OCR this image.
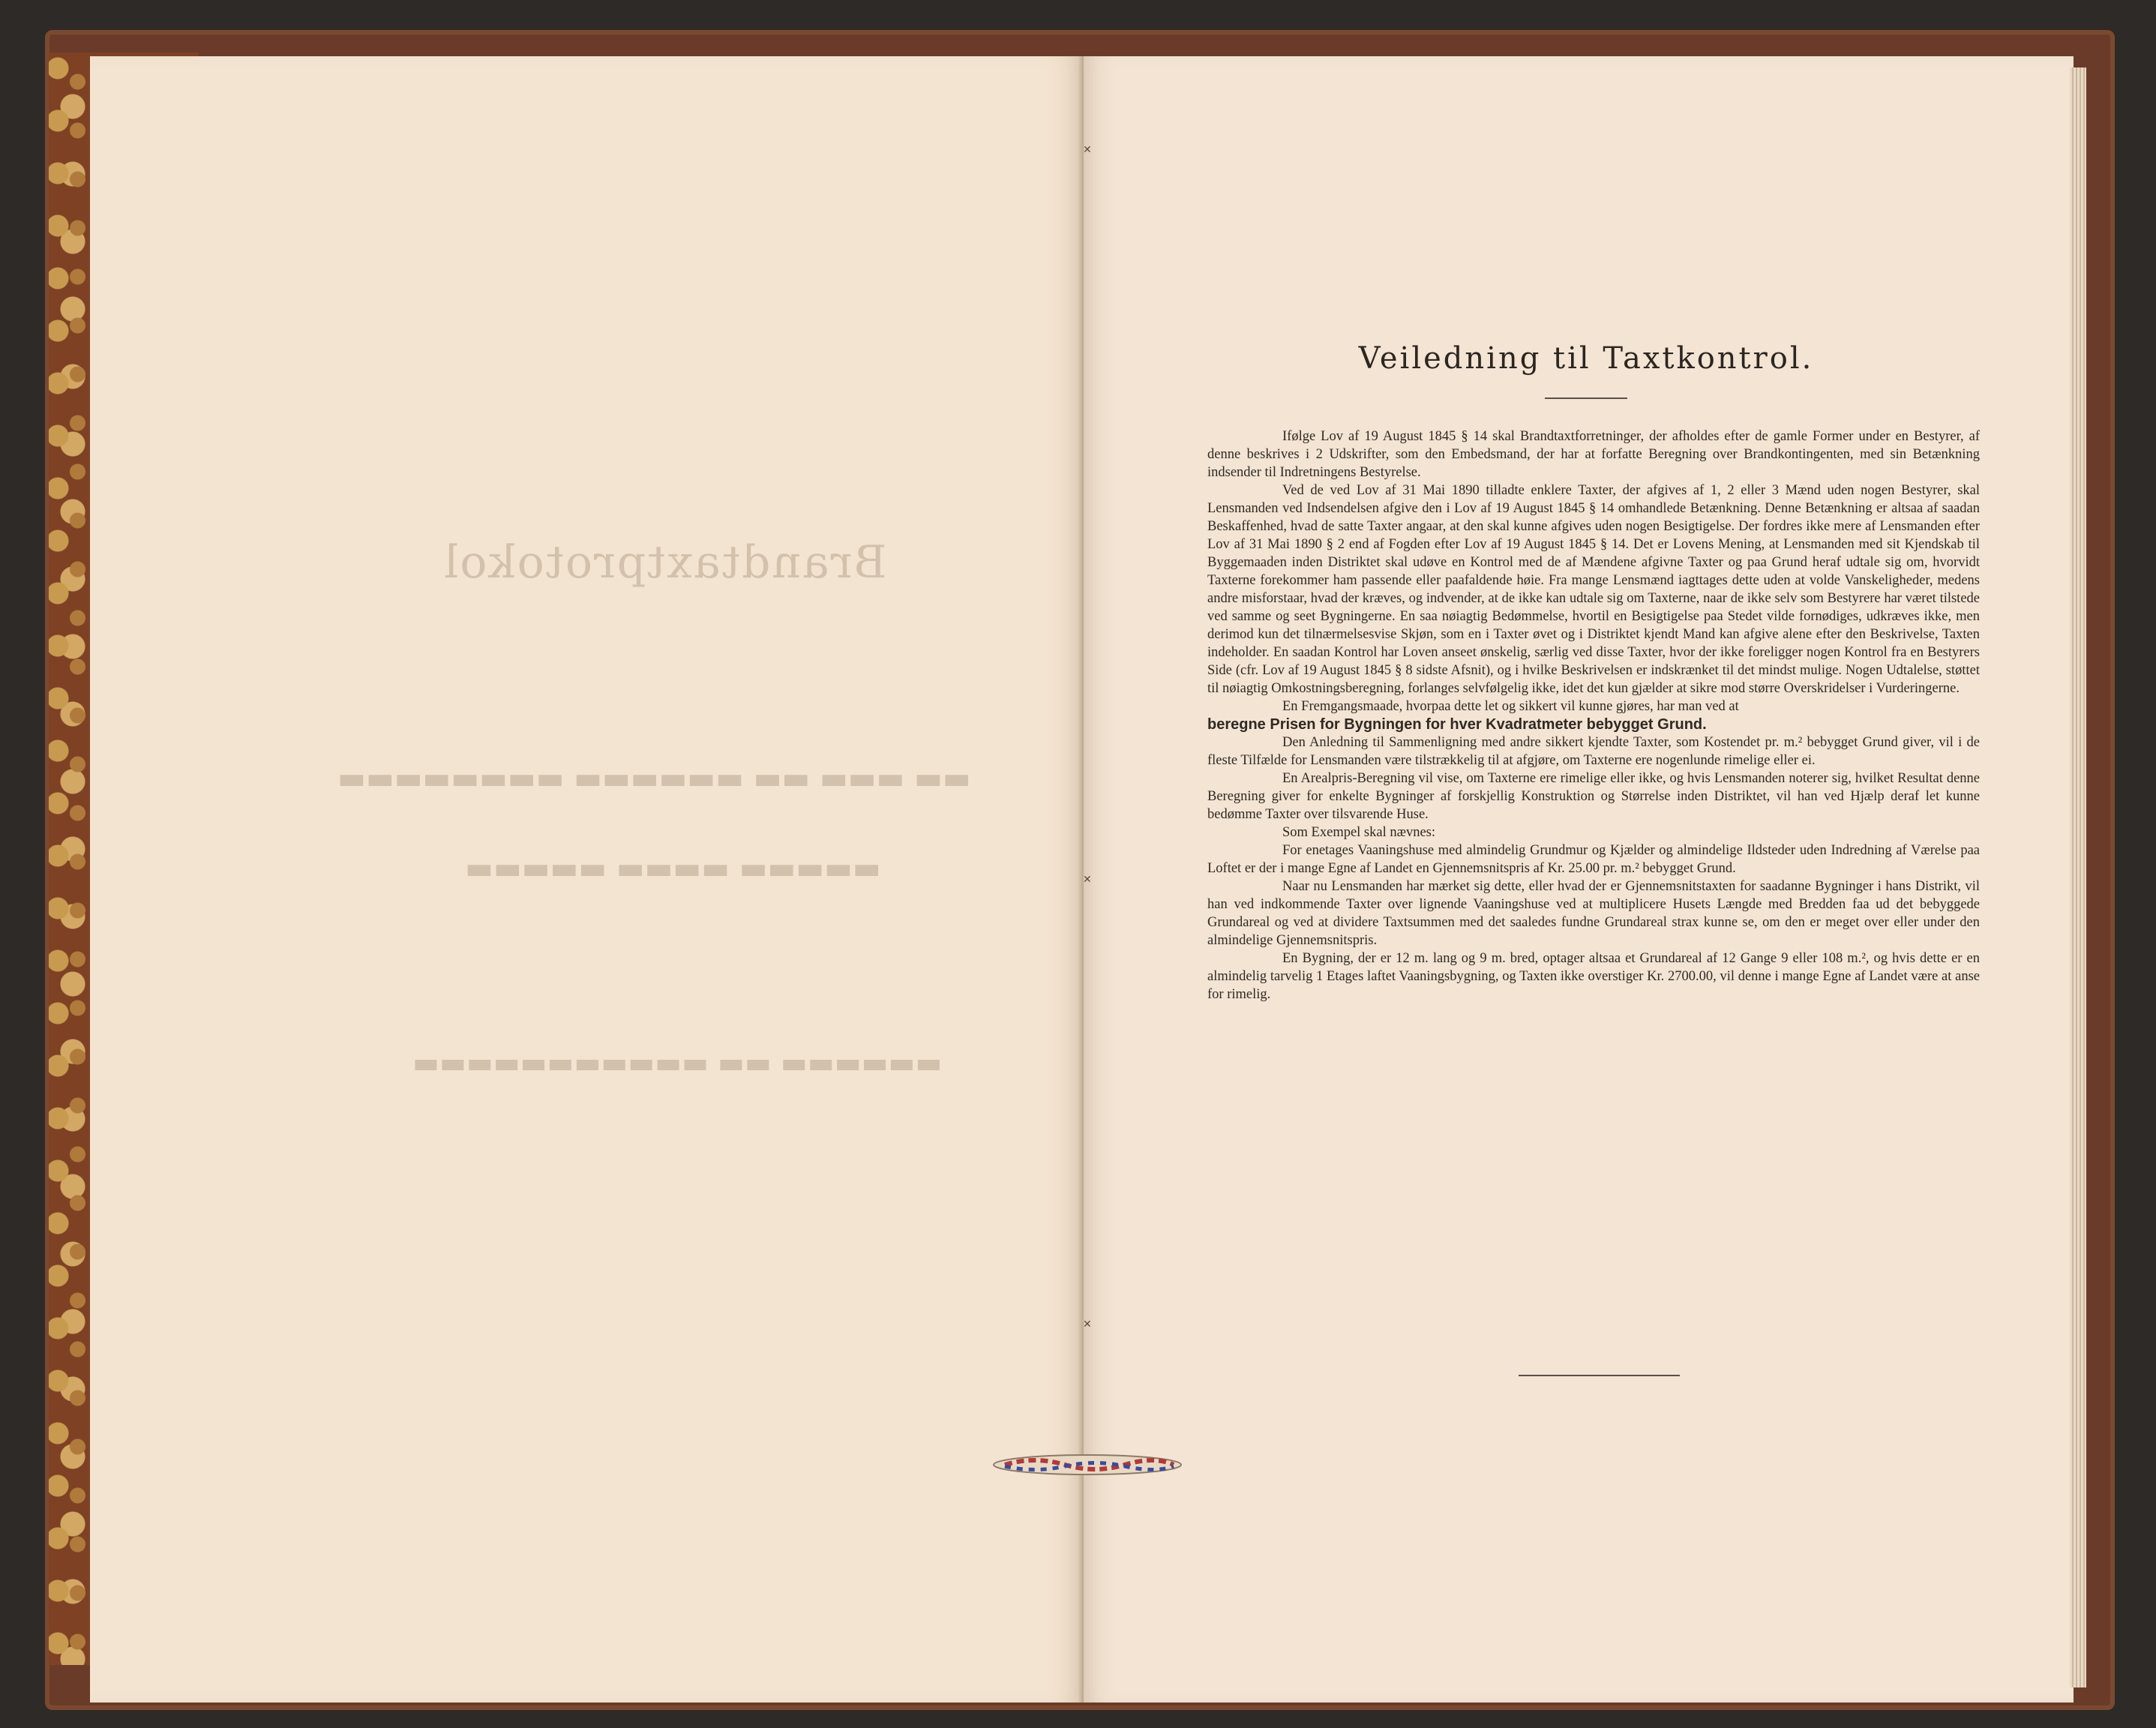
Brandtaxtprotokol
▬▬ ▬▬▬ ▬▬ ▬▬▬▬▬▬ ▬▬▬▬▬▬▬▬
▬▬▬▬▬ ▬▬▬▬ ▬▬▬▬▬
▬▬▬▬▬▬ ▬▬ ▬▬▬▬▬▬▬▬▬▬▬
Veiledning til Taxtkontrol.

Ifølge Lov af 19 August 1845 § 14 skal Brandtaxtforretninger, der afholdes efter de gamle Former under en Bestyrer, af denne beskrives i 2 Udskrifter, som den Embedsmand, der har at forfatte Beregning over Brandkontingenten, med sin Betænkning indsender til Indretningens Bestyrelse.

Ved de ved Lov af 31 Mai 1890 tilladte enklere Taxter, der afgives af 1, 2 eller 3 Mænd uden nogen Bestyrer, skal Lensmanden ved Indsendelsen afgive den i Lov af 19 August 1845 § 14 omhandlede Betænkning. Denne Betænkning er altsaa af saadan Beskaffenhed, hvad de satte Taxter angaar, at den skal kunne afgives uden nogen Besigtigelse. Der fordres ikke mere af Lensmanden efter Lov af 31 Mai 1890 § 2 end af Fogden efter Lov af 19 August 1845 § 14. Det er Lovens Mening, at Lensmanden med sit Kjendskab til Byggemaaden inden Distriktet skal udøve en Kontrol med de af Mændene afgivne Taxter og paa Grund heraf udtale sig om, hvorvidt Taxterne forekommer ham passende eller paafaldende høie. Fra mange Lensmænd iagttages dette uden at volde Vanskeligheder, medens andre misforstaar, hvad der kræves, og indvender, at de ikke kan udtale sig om Taxterne, naar de ikke selv som Bestyrere har været tilstede ved samme og seet Bygningerne. En saa nøiagtig Bedømmelse, hvortil en Besigtigelse paa Stedet vilde fornødiges, udkræves ikke, men derimod kun det tilnærmelsesvise Skjøn, som en i Taxter øvet og i Distriktet kjendt Mand kan afgive alene efter den Beskrivelse, Taxten indeholder. En saadan Kontrol har Loven anseet ønskelig, særlig ved disse Taxter, hvor der ikke foreligger nogen Kontrol fra en Bestyrers Side (cfr. Lov af 19 August 1845 § 8 sidste Afsnit), og i hvilke Beskrivelsen er indskrænket til det mindst mulige. Nogen Udtalelse, støttet til nøiagtig Omkostningsberegning, forlanges selvfølgelig ikke, idet det kun gjælder at sikre mod større Overskridelser i Vurderingerne.

En Fremgangsmaade, hvorpaa dette let og sikkert vil kunne gjøres, har man ved at

beregne Prisen for Bygningen for hver Kvadratmeter bebygget Grund.

Den Anledning til Sammenligning med andre sikkert kjendte Taxter, som Kostendet pr. m.² bebygget Grund giver, vil i de fleste Tilfælde for Lensmanden være tilstrækkelig til at afgjøre, om Taxterne ere nogenlunde rimelige eller ei.

En Arealpris-Beregning vil vise, om Taxterne ere rimelige eller ikke, og hvis Lensmanden noterer sig, hvilket Resultat denne Beregning giver for enkelte Bygninger af forskjellig Konstruktion og Størrelse inden Distriktet, vil han ved Hjælp deraf let kunne bedømme Taxter over tilsvarende Huse.

Som Exempel skal nævnes:

For enetages Vaaningshuse med almindelig Grundmur og Kjælder og almindelige Ildsteder uden Indredning af Værelse paa Loftet er der i mange Egne af Landet en Gjennemsnitspris af Kr. 25.00 pr. m.² bebygget Grund.

Naar nu Lensmanden har mærket sig dette, eller hvad der er Gjennemsnitstaxten for saadanne Bygninger i hans Distrikt, vil han ved indkommende Taxter over lignende Vaaningshuse ved at multiplicere Husets Længde med Bredden faa ud det bebyggede Grundareal og ved at dividere Taxtsummen med det saaledes fundne Grundareal strax kunne se, om den er meget over eller under den almindelige Gjennemsnitspris.

En Bygning, der er 12 m. lang og 9 m. bred, optager altsaa et Grundareal af 12 Gange 9 eller 108 m.², og hvis dette er en almindelig tarvelig 1 Etages laftet Vaaningsbygning, og Taxten ikke overstiger Kr. 2700.00, vil denne i mange Egne af Landet være at anse for rimelig.

✕
✕
✕
